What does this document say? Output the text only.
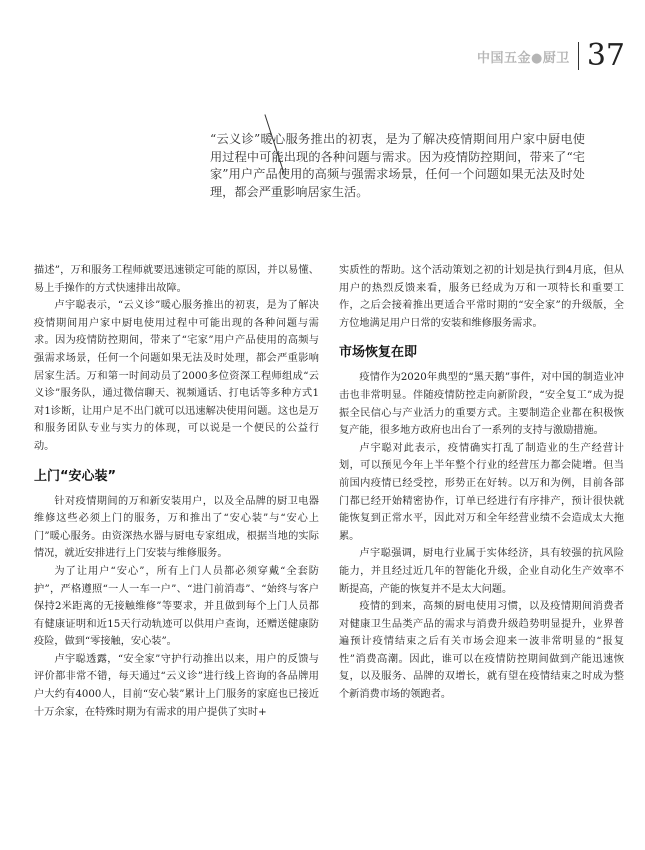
中国五金●厨卫 37

“云义诊”暖心服务推出的初衷，是为了解决疫情期间用户家中厨电使用过程中可能出现的各种问题与需求。因为疫情防控期间，带来了“宅家”用户产品使用的高频与强需求场景，任何一个问题如果无法及时处理，都会严重影响居家生活。

描述”，万和服务工程师就要迅速锁定可能的原因，并以易懂、易上手操作的方式快速排出故障。

卢宇聪表示，“云义诊”暖心服务推出的初衷，是为了解决疫情期间用户家中厨电使用过程中可能出现的各种问题与需求。因为疫情防控期间，带来了“宅家”用户产品使用的高频与强需求场景，任何一个问题如果无法及时处理，都会严重影响居家生活。万和第一时间动员了2000多位资深工程师组成“云义诊”服务队，通过微信聊天、视频通话、打电话等多种方式1对1诊断，让用户足不出门就可以迅速解决使用问题。这也是万和服务团队专业与实力的体现，可以说是一个便民的公益行动。

上门“安心装”

针对疫情期间的万和新安装用户，以及全品牌的厨卫电器维修这些必须上门的服务，万和推出了“安心装”与“安心上门”暖心服务。由资深热水器与厨电专家组成，根据当地的实际情况，就近安排进行上门安装与维修服务。

为了让用户“安心”，所有上门人员都必须穿戴“全套防护”，严格遵照“一人一车一户”、“进门前消毒”、“始终与客户保持2米距离的无接触维修”等要求，并且做到每个上门人员都有健康证明和近15天行动轨迹可以供用户查询，还赠送健康防疫险，做到“零接触，安心装”。

卢宇聪透露，“安全家”守护行动推出以来，用户的反馈与评价都非常不错，每天通过“云义诊”进行线上咨询的各品牌用户大约有4000人，目前“安心装”累计上门服务的家庭也已接近十万余家，在特殊时期为有需求的用户提供了实时+

实质性的帮助。这个活动策划之初的计划是执行到4月底，但从用户的热烈反馈来看，服务已经成为万和一项特长和重要工作，之后会接着推出更适合平常时期的“安全家”的升级版，全方位地满足用户日常的安装和维修服务需求。

市场恢复在即

疫情作为2020年典型的“黑天鹅”事件，对中国的制造业冲击也非常明显。伴随疫情防控走向新阶段，“安全复工”成为提振全民信心与产业活力的重要方式。主要制造企业都在积极恢复产能，很多地方政府也出台了一系列的支持与激励措施。

卢宇聪对此表示，疫情确实打乱了制造业的生产经营计划，可以预见今年上半年整个行业的经营压力都会陡增。但当前国内疫情已经受控，形势正在好转。以万和为例，目前各部门都已经开始精密协作，订单已经进行有序排产，预计很快就能恢复到正常水平，因此对万和全年经营业绩不会造成太大拖累。

卢宇聪强调，厨电行业属于实体经济，具有较强的抗风险能力，并且经过近几年的智能化升级，企业自动化生产效率不断提高，产能的恢复并不是太大问题。

疫情的到来，高频的厨电使用习惯，以及疫情期间消费者对健康卫生品类产品的需求与消费升级趋势明显提升，业界普遍预计疫情结束之后有关市场会迎来一波非常明显的“报复性”消费高潮。因此，谁可以在疫情防控期间做到产能迅速恢复，以及服务、品牌的双增长，就有望在疫情结束之时成为整个新消费市场的领跑者。
